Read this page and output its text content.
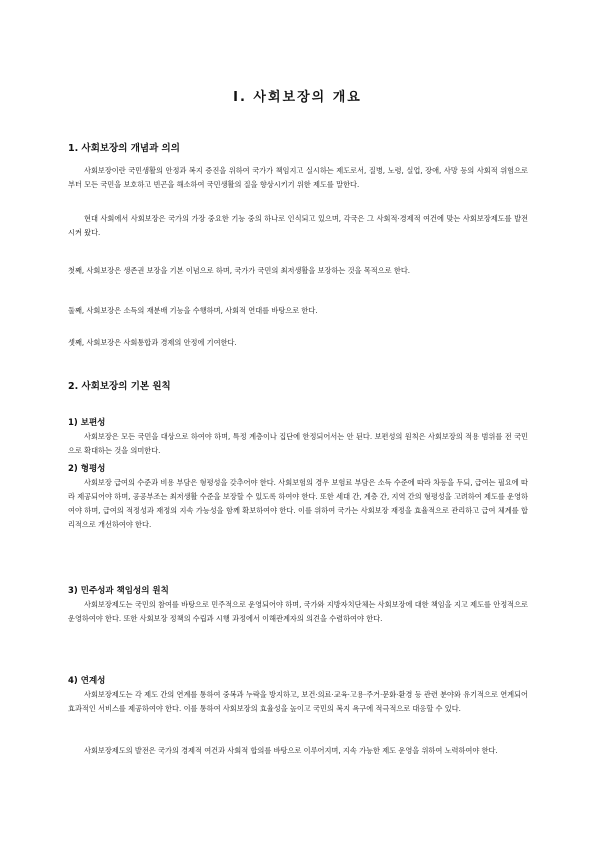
Ⅰ. 사회보장의 개요
1. 사회보장의 개념과 의의
사회보장이란 국민생활의 안정과 복지 증진을 위하여 국가가 책임지고 실시하는 제도로서, 질병, 노령, 실업, 장애, 사망 등의 사회적 위험으로부터 모든 국민을 보호하고 빈곤을 해소하여 국민생활의 질을 향상시키기 위한 제도를 말한다.
현대 사회에서 사회보장은 국가의 가장 중요한 기능 중의 하나로 인식되고 있으며, 각국은 그 사회적·경제적 여건에 맞는 사회보장제도를 발전시켜 왔다.
첫째, 사회보장은 생존권 보장을 기본 이념으로 하며, 국가가 국민의 최저생활을 보장하는 것을 목적으로 한다.
둘째, 사회보장은 소득의 재분배 기능을 수행하며, 사회적 연대를 바탕으로 한다.
셋째, 사회보장은 사회통합과 경제의 안정에 기여한다.
2. 사회보장의 기본 원칙
1) 보편성
사회보장은 모든 국민을 대상으로 하여야 하며, 특정 계층이나 집단에 한정되어서는 안 된다. 보편성의 원칙은 사회보장의 적용 범위를 전 국민으로 확대하는 것을 의미한다.
2) 형평성
사회보장 급여의 수준과 비용 부담은 형평성을 갖추어야 한다. 사회보험의 경우 보험료 부담은 소득 수준에 따라 차등을 두되, 급여는 필요에 따라 제공되어야 하며, 공공부조는 최저생활 수준을 보장할 수 있도록 하여야 한다. 또한 세대 간, 계층 간, 지역 간의 형평성을 고려하여 제도를 운영하여야 하며, 급여의 적정성과 재정의 지속 가능성을 함께 확보하여야 한다. 이를 위하여 국가는 사회보장 재정을 효율적으로 관리하고 급여 체계를 합리적으로 개선하여야 한다.
3) 민주성과 책임성의 원칙
사회보장제도는 국민의 참여를 바탕으로 민주적으로 운영되어야 하며, 국가와 지방자치단체는 사회보장에 대한 책임을 지고 제도를 안정적으로 운영하여야 한다. 또한 사회보장 정책의 수립과 시행 과정에서 이해관계자의 의견을 수렴하여야 한다.
4) 연계성
사회보장제도는 각 제도 간의 연계를 통하여 중복과 누락을 방지하고, 보건·의료·교육·고용·주거·문화·환경 등 관련 분야와 유기적으로 연계되어 효과적인 서비스를 제공하여야 한다. 이를 통하여 사회보장의 효율성을 높이고 국민의 복지 욕구에 적극적으로 대응할 수 있다.
사회보장제도의 발전은 국가의 경제적 여건과 사회적 합의를 바탕으로 이루어지며, 지속 가능한 제도 운영을 위하여 노력하여야 한다.
